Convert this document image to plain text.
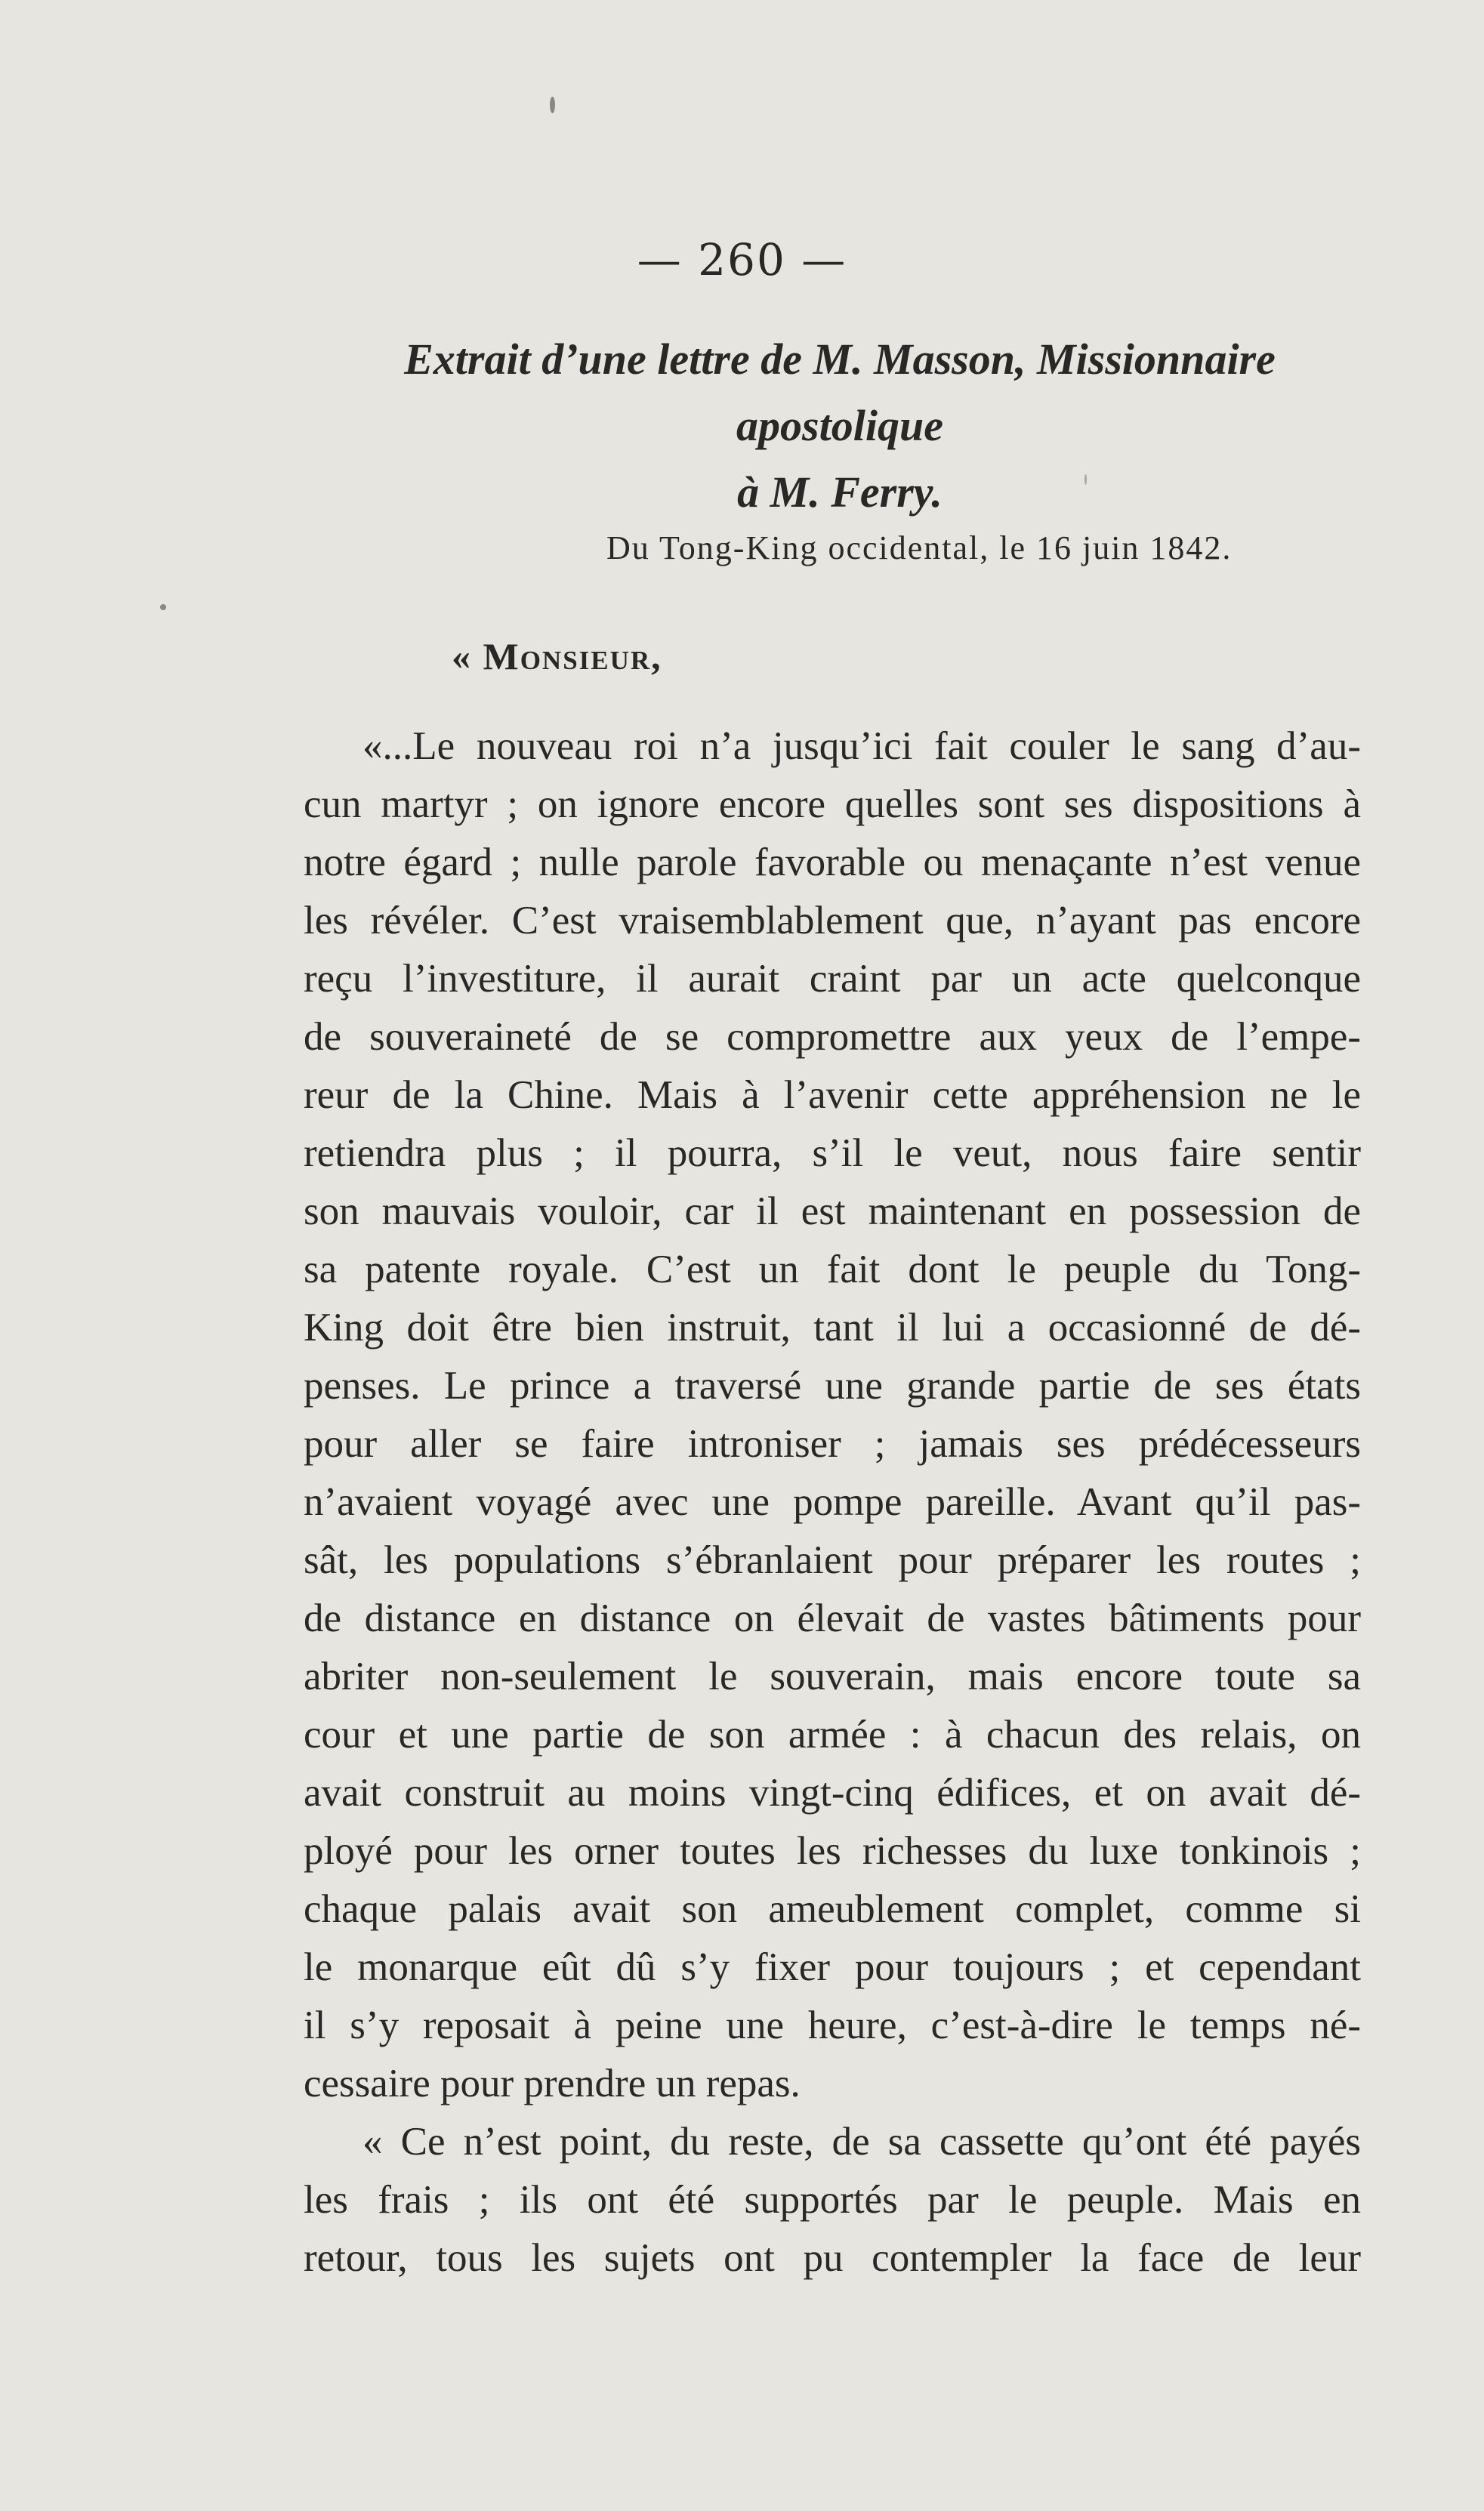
— 260 —
Extrait d’une lettre de M. Masson, Missionnaire apostolique
à M. Ferry.
Du Tong-King occidental, le 16 juin 1842.
« Monsieur,
«...Le nouveau roi n’a jusqu’ici fait couler le sang d’au-
cun martyr ; on ignore encore quelles sont ses dispositions à
notre égard ; nulle parole favorable ou menaçante n’est venue
les révéler. C’est vraisemblablement que, n’ayant pas encore
reçu l’investiture, il aurait craint par un acte quelconque
de souveraineté de se compromettre aux yeux de l’empe-
reur de la Chine. Mais à l’avenir cette appréhension ne le
retiendra plus ; il pourra, s’il le veut, nous faire sentir
son mauvais vouloir, car il est maintenant en possession de
sa patente royale. C’est un fait dont le peuple du Tong-
King doit être bien instruit, tant il lui a occasionné de dé-
penses. Le prince a traversé une grande partie de ses états
pour aller se faire introniser ; jamais ses prédécesseurs
n’avaient voyagé avec une pompe pareille. Avant qu’il pas-
sât, les populations s’ébranlaient pour préparer les routes ;
de distance en distance on élevait de vastes bâtiments pour
abriter non-seulement le souverain, mais encore toute sa
cour et une partie de son armée : à chacun des relais, on
avait construit au moins vingt-cinq édifices, et on avait dé-
ployé pour les orner toutes les richesses du luxe tonkinois ;
chaque palais avait son ameublement complet, comme si
le monarque eût dû s’y fixer pour toujours ; et cependant
il s’y reposait à peine une heure, c’est-à-dire le temps né-
cessaire pour prendre un repas.
« Ce n’est point, du reste, de sa cassette qu’ont été payés
les frais ; ils ont été supportés par le peuple. Mais en
retour, tous les sujets ont pu contempler la face de leur
